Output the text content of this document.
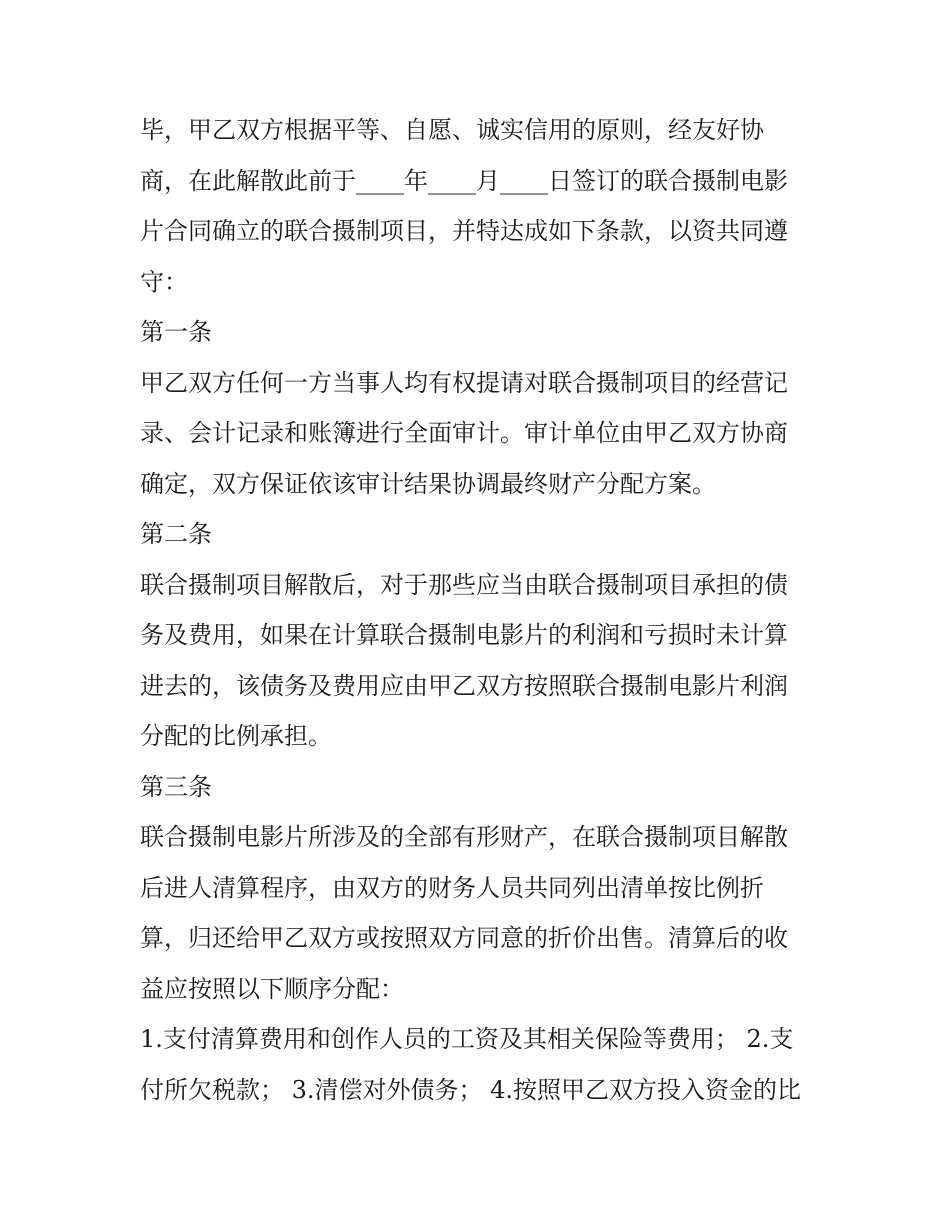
毕，甲乙双方根据平等、自愿、诚实信用的原则，经友好协
商，在此解散此前于____年____月____日签订的联合摄制电影
片合同确立的联合摄制项目，并特达成如下条款，以资共同遵
守：
第一条
甲乙双方任何一方当事人均有权提请对联合摄制项目的经营记
录、会计记录和账簿进行全面审计。审计单位由甲乙双方协商
确定，双方保证依该审计结果协调最终财产分配方案。
第二条
联合摄制项目解散后，对于那些应当由联合摄制项目承担的债
务及费用，如果在计算联合摄制电影片的利润和亏损时未计算
进去的，该债务及费用应由甲乙双方按照联合摄制电影片利润
分配的比例承担。
第三条
联合摄制电影片所涉及的全部有形财产，在联合摄制项目解散
后进人清算程序，由双方的财务人员共同列出清单按比例折
算，归还给甲乙双方或按照双方同意的折价出售。清算后的收
益应按照以下顺序分配：
1.支付清算费用和创作人员的工资及其相关保险等费用； 2.支
付所欠税款； 3.清偿对外债务； 4.按照甲乙双方投入资金的比
